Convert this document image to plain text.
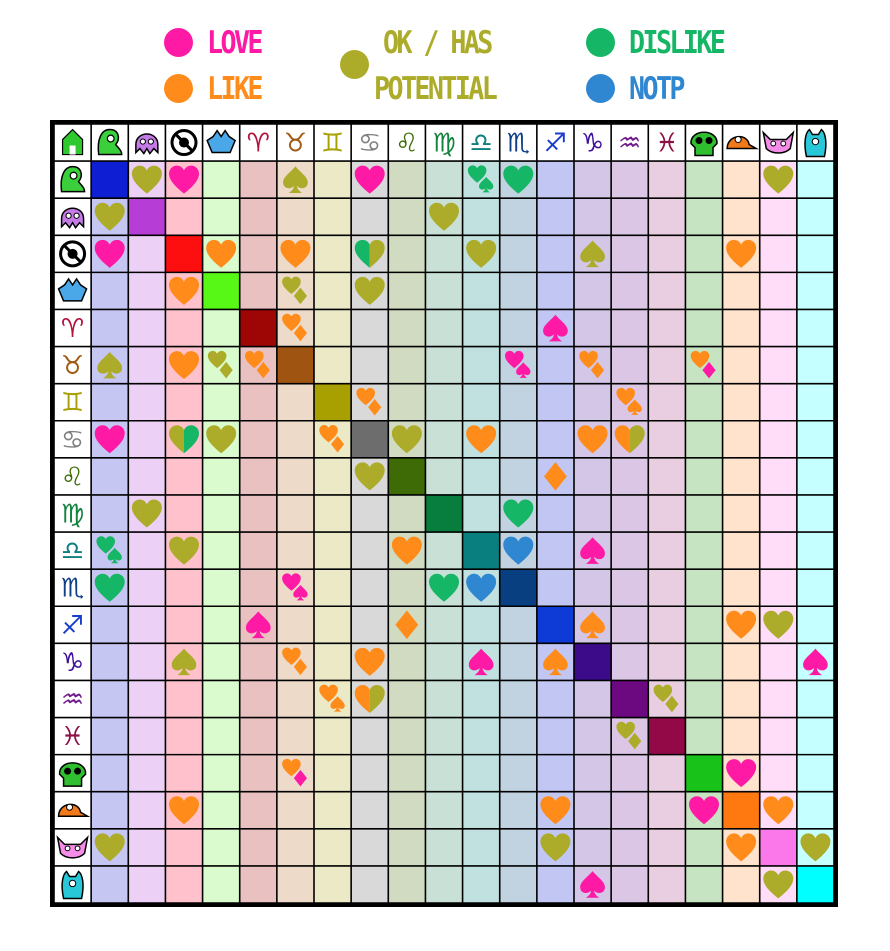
LOVE
LIKE
OK / HAS
POTENTIAL
DISLIKE
NOTP
♈
♈
♉
♉
♊
♊
♋
♋
♌
♌
♍
♍
♎
♎
♏
♏
♐
♐
♑
♑
♒
♒
♓
♓
